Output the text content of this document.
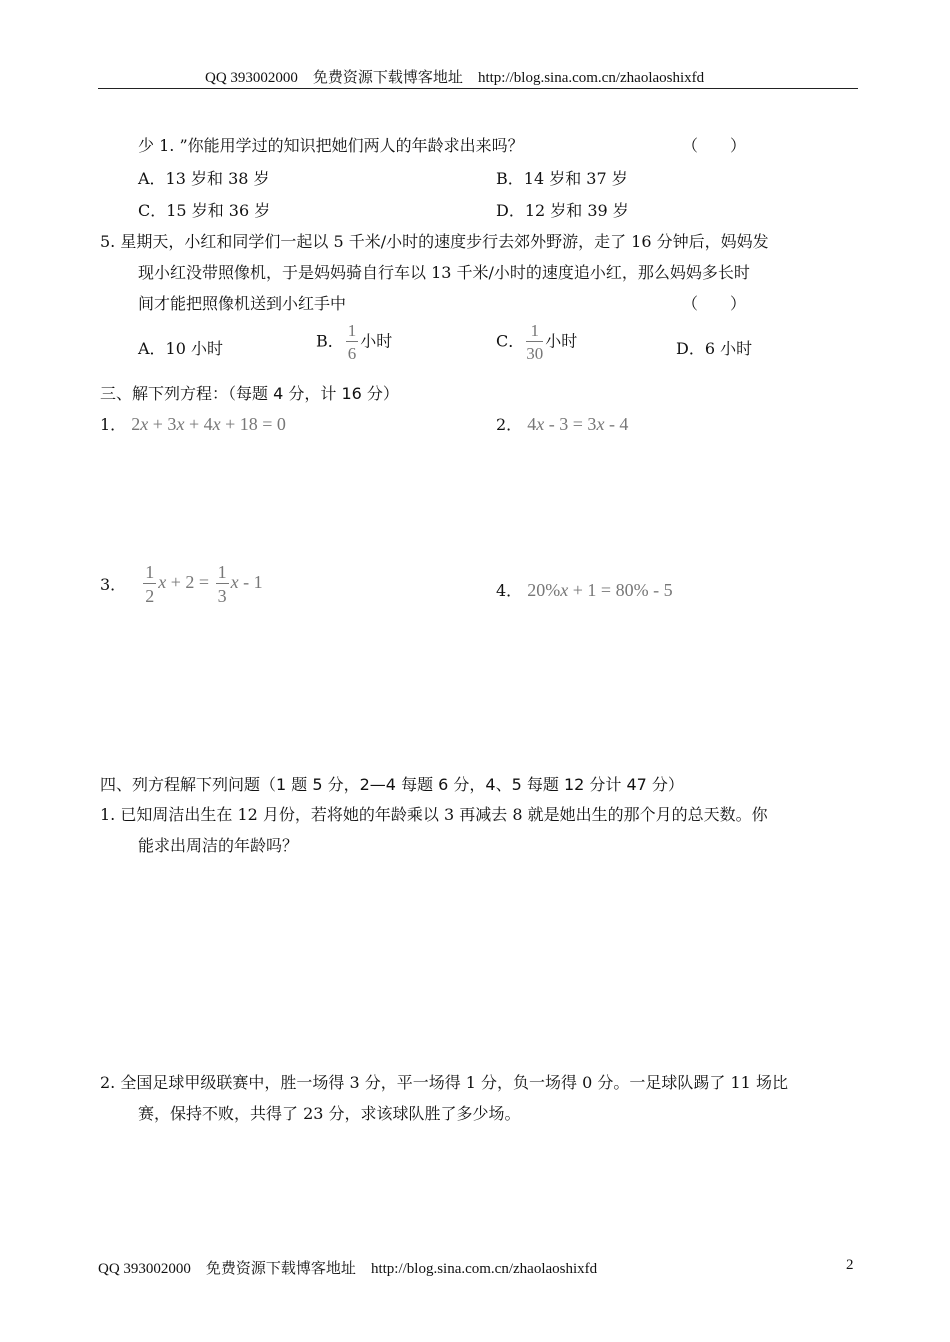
QQ 393002000 免费资源下载博客地址 http://blog.sina.com.cn/zhaolaoshixfd
少 1. ”你能用学过的知识把她们两人的年龄求出来吗？	（　　）
A．13 岁和 38 岁	B．14 岁和 37 岁
C．15 岁和 36 岁	D．12 岁和 39 岁
5. 星期天，小红和同学们一起以 5 千米/小时的速度步行去郊外野游，走了 16 分钟后，妈妈发
现小红没带照像机，于是妈妈骑自行车以 13 千米/小时的速度追小红，那么妈妈多长时
间才能把照像机送到小红手中	（　　）
A．10 小时	B． $\frac{1}{6}$ 小时	C． $\frac{1}{30}$ 小时	D．6 小时
三、解下列方程：（每题 4 分，计 16 分）
1． 2x + 3x + 4x + 18 = 0	2． 4x - 3 = 3x - 4
3． $\frac{1}{2}$ $x + 2 = \frac{1}{3}$ x - 1	4． 20%x + 1 = 80% - 5
四、列方程解下列问题（1 题 5 分，2—4 每题 6 分，4、5 每题 12 分计 47 分）
1. 已知周洁出生在 12 月份，若将她的年龄乘以 3 再减去 8 就是她出生的那个月的总天数。你
能求出周洁的年龄吗？
2. 全国足球甲级联赛中，胜一场得 3 分，平一场得 1 分，负一场得 0 分。一足球队踢了 11 场比
赛，保持不败，共得了 23 分，求该球队胜了多少场。
QQ 393002000 免费资源下载博客地址 http://blog.sina.com.cn/zhaolaoshixfd	2
